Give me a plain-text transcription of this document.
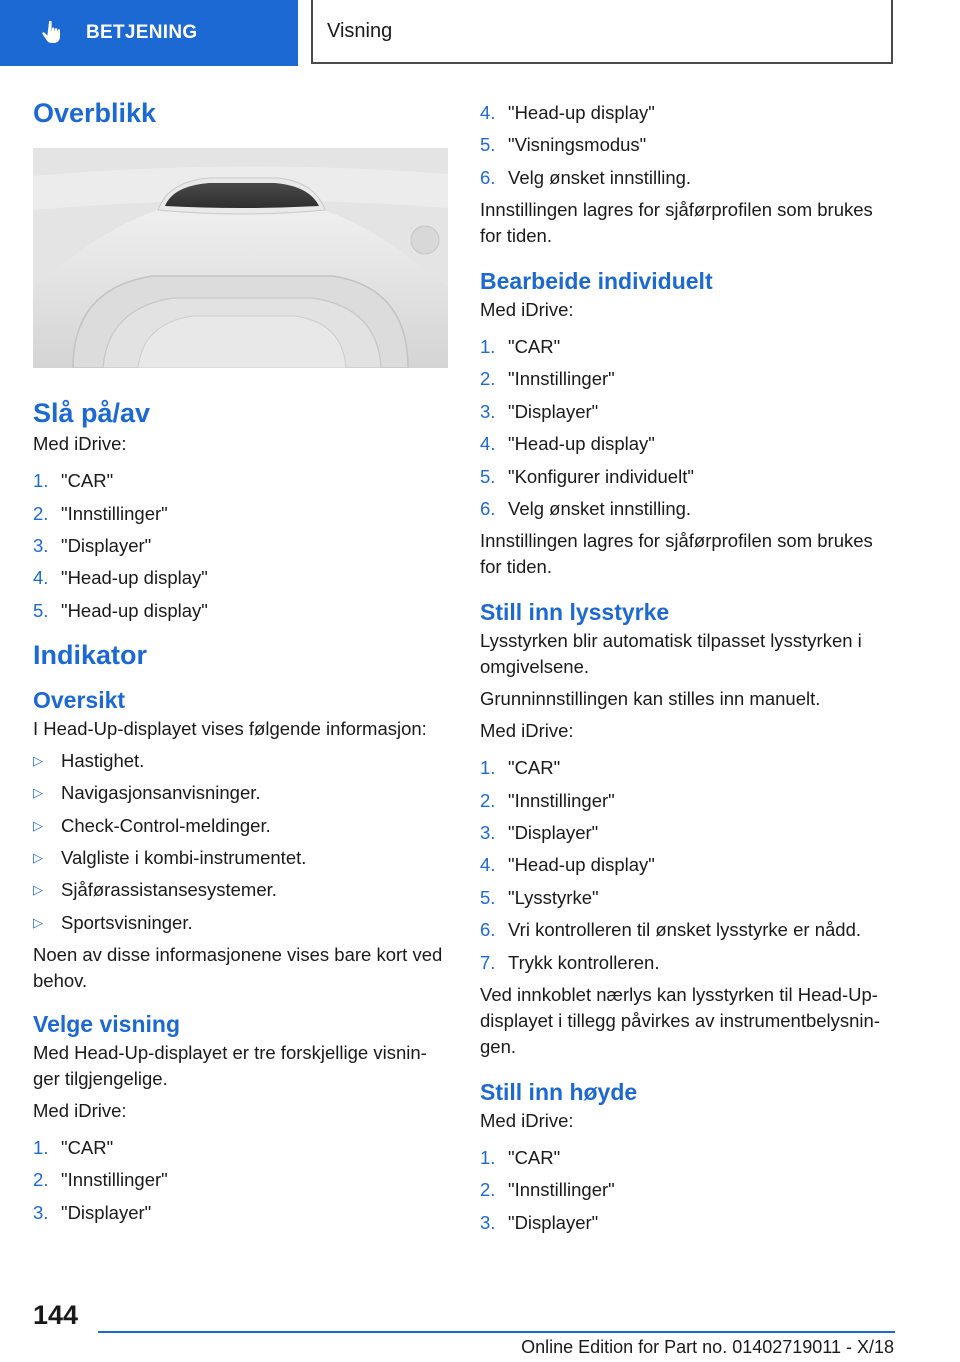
BETJENING	Visning
Overblikk
Slå på/av

Med iDrive:

1. "CAR"
2. "Innstillinger"
3. "Displayer"
4. "Head-up display"
5. "Head-up display"
Indikator
Oversikt

I Head-Up-displayet vises følgende informasjon:

▷ Hastighet.
▷ Navigasjonsanvisninger.
▷ Check-Control-meldinger.
▷ Valgliste i kombi-instrumentet.
▷ Sjåførassistansesystemer.
▷ Sportsvisninger.

Noen av disse informasjonene vises bare kort ved behov.

Velge visning

Med Head-Up-displayet er tre forskjellige visnin-ger tilgjengelige.

Med iDrive:

1. "CAR"
2. "Innstillinger"
3. "Displayer"
4. "Head-up display"
5. "Visningsmodus"
6. Velg ønsket innstilling.

Innstillingen lagres for sjåførprofilen som brukes for tiden.

Bearbeide individuelt

Med iDrive:

1. "CAR"
2. "Innstillinger"
3. "Displayer"
4. "Head-up display"
5. "Konfigurer individuelt"
6. Velg ønsket innstilling.

Innstillingen lagres for sjåførprofilen som brukes for tiden.

Still inn lysstyrke

Lysstyrken blir automatisk tilpasset lysstyrken i omgivelsene.

Grunninnstillingen kan stilles inn manuelt.

Med iDrive:

1. "CAR"
2. "Innstillinger"
3. "Displayer"
4. "Head-up display"
5. "Lysstyrke"
6. Vri kontrolleren til ønsket lysstyrke er nådd.
7. Trykk kontrolleren.

Ved innkoblet nærlys kan lysstyrken til Head-Up-displayet i tillegg påvirkes av instrumentbelysnin-gen.

Still inn høyde

Med iDrive:

1. "CAR"
2. "Innstillinger"
3. "Displayer"
144
Online Edition for Part no. 01402719011 - X/18
